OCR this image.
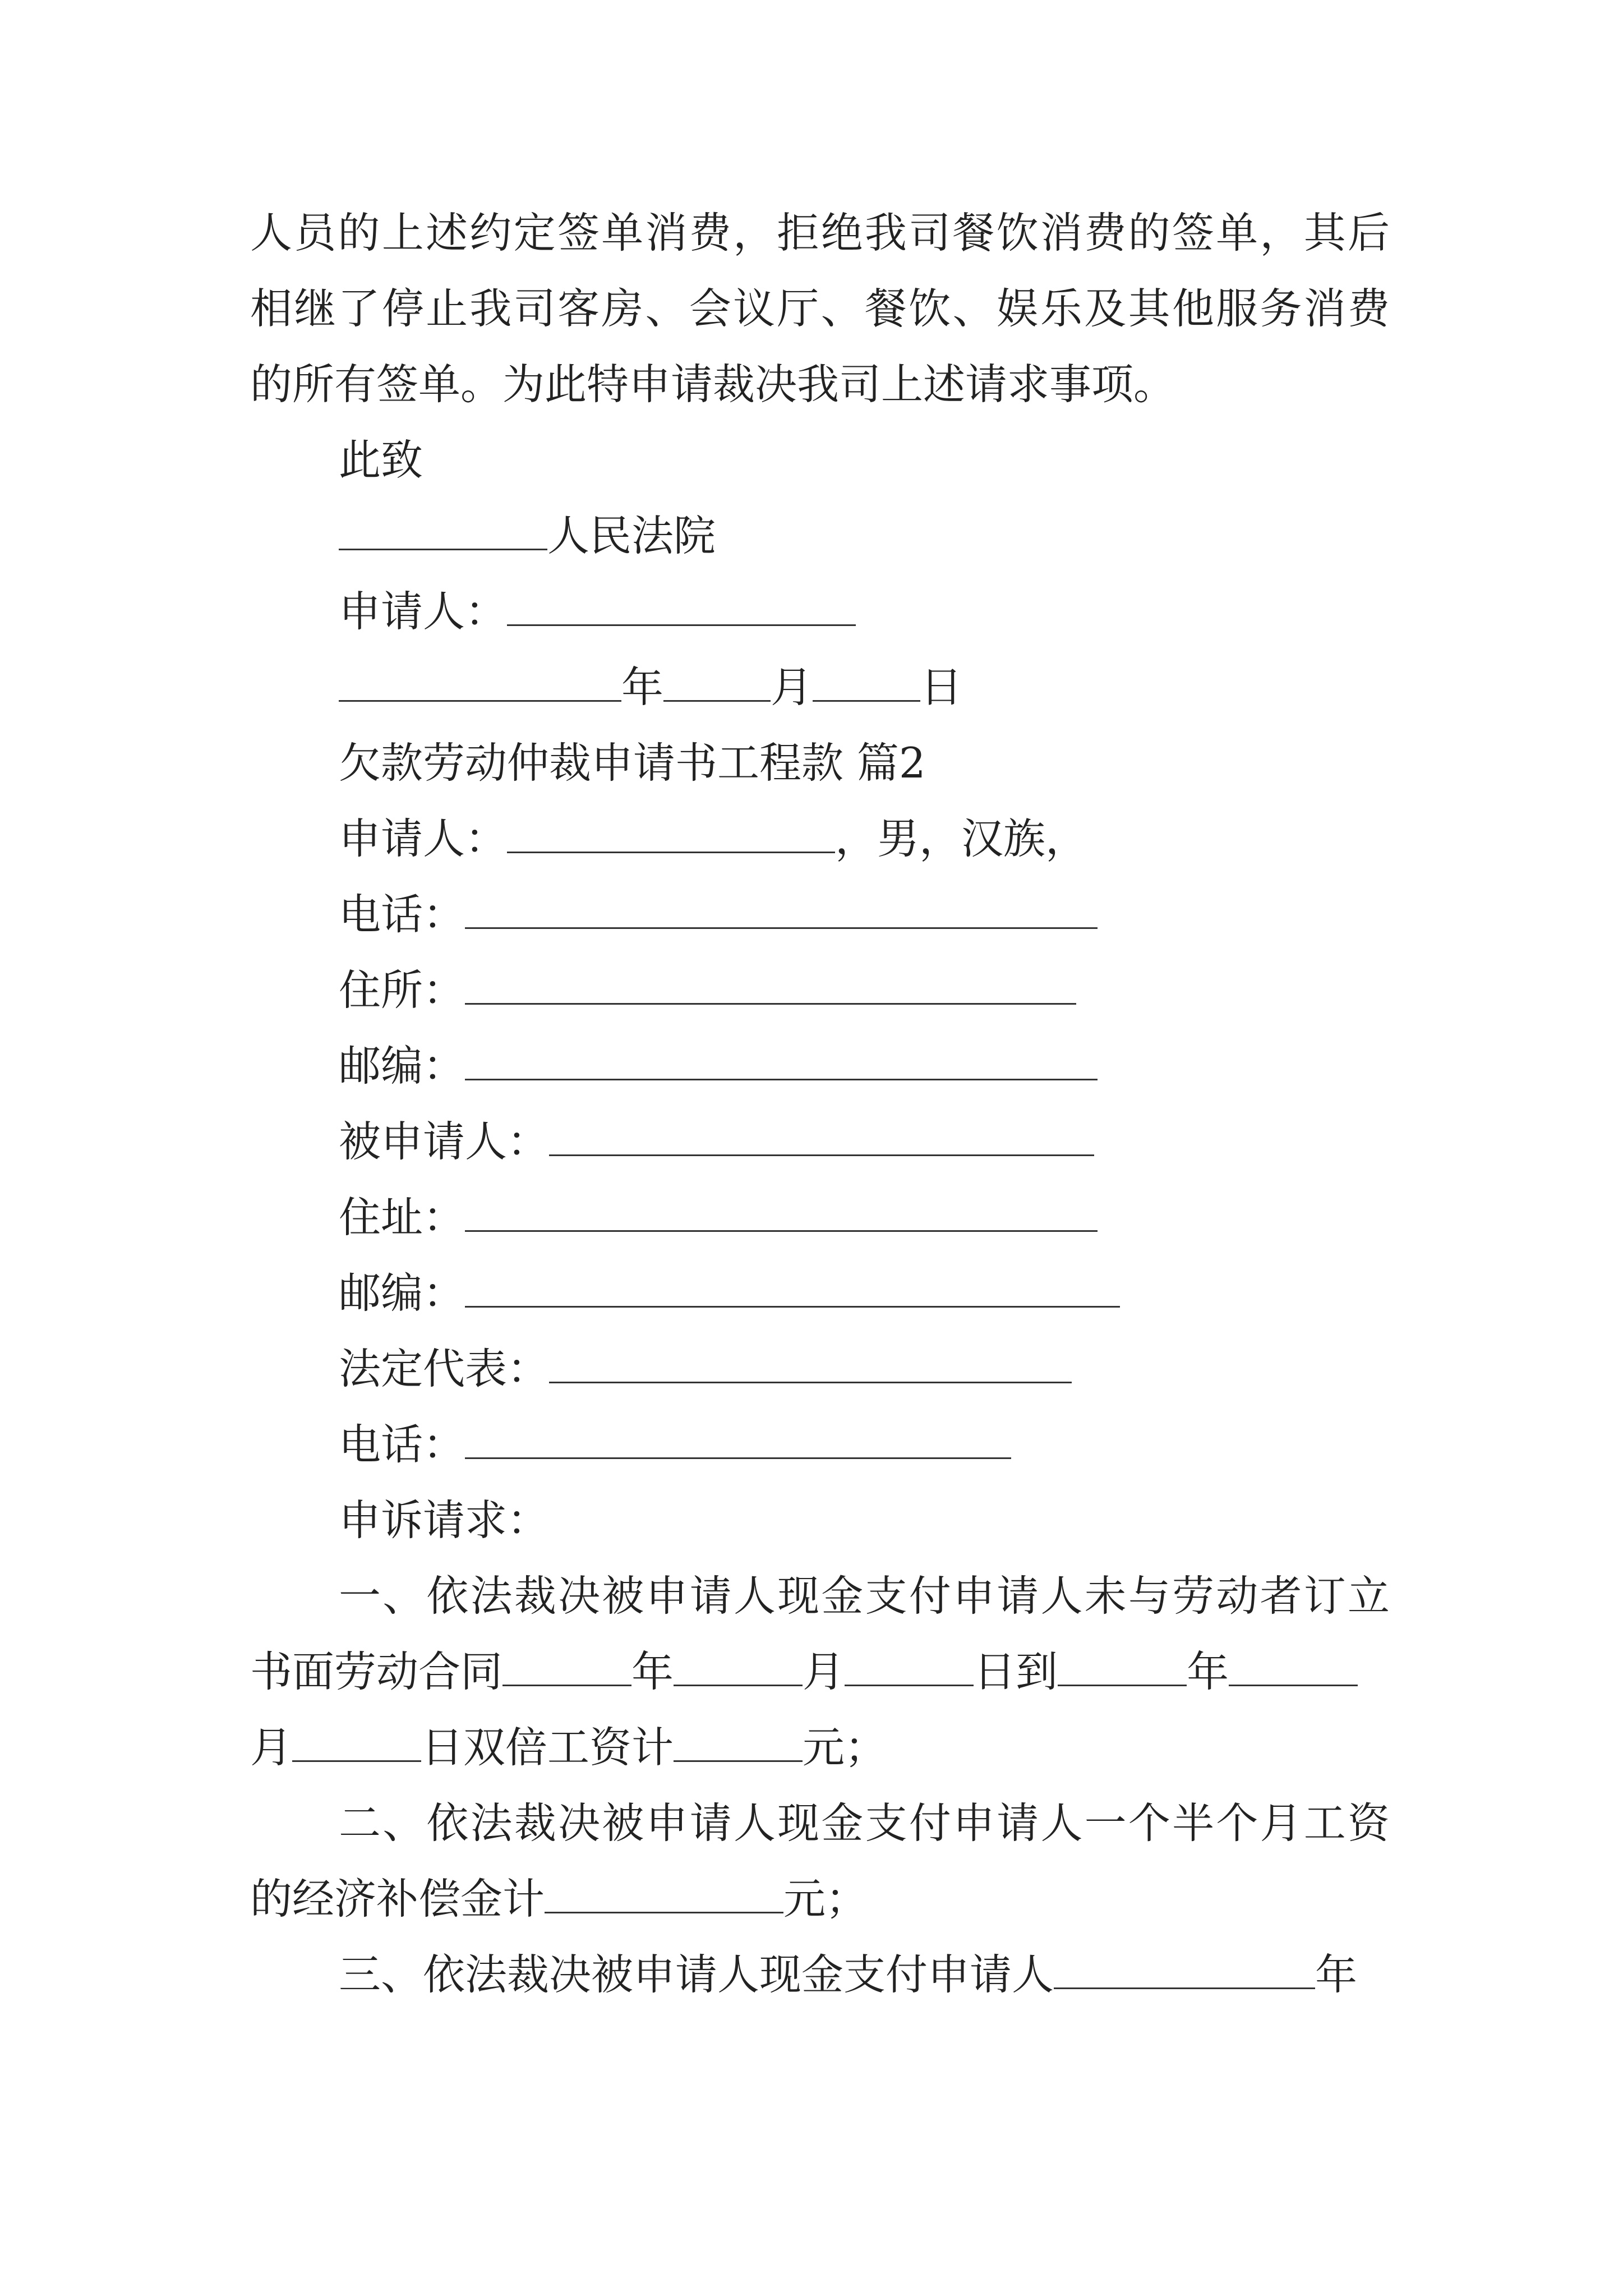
人员的上述约定签单消费，拒绝我司餐饮消费的签单，其后

相继了停止我司客房、会议厅、餐饮、娱乐及其他服务消费

的所有签单。为此特申请裁决我司上述请求事项。

此致

人民法院

申请人：

年	月	日

欠款劳动仲裁申请书工程款 篇2

申请人：	，男，汉族，

电话：

住所：

邮编：

被申请人：

住址：

邮编：

法定代表：

电话：

申诉请求：

一、依法裁决被申请人现金支付申请人未与劳动者订立

书面劳动合同	年	月	日到	年

月	日双倍工资计	元；

二、依法裁决被申请人现金支付申请人一个半个月工资

的经济补偿金计	元；

三、依法裁决被申请人现金支付申请人	年
